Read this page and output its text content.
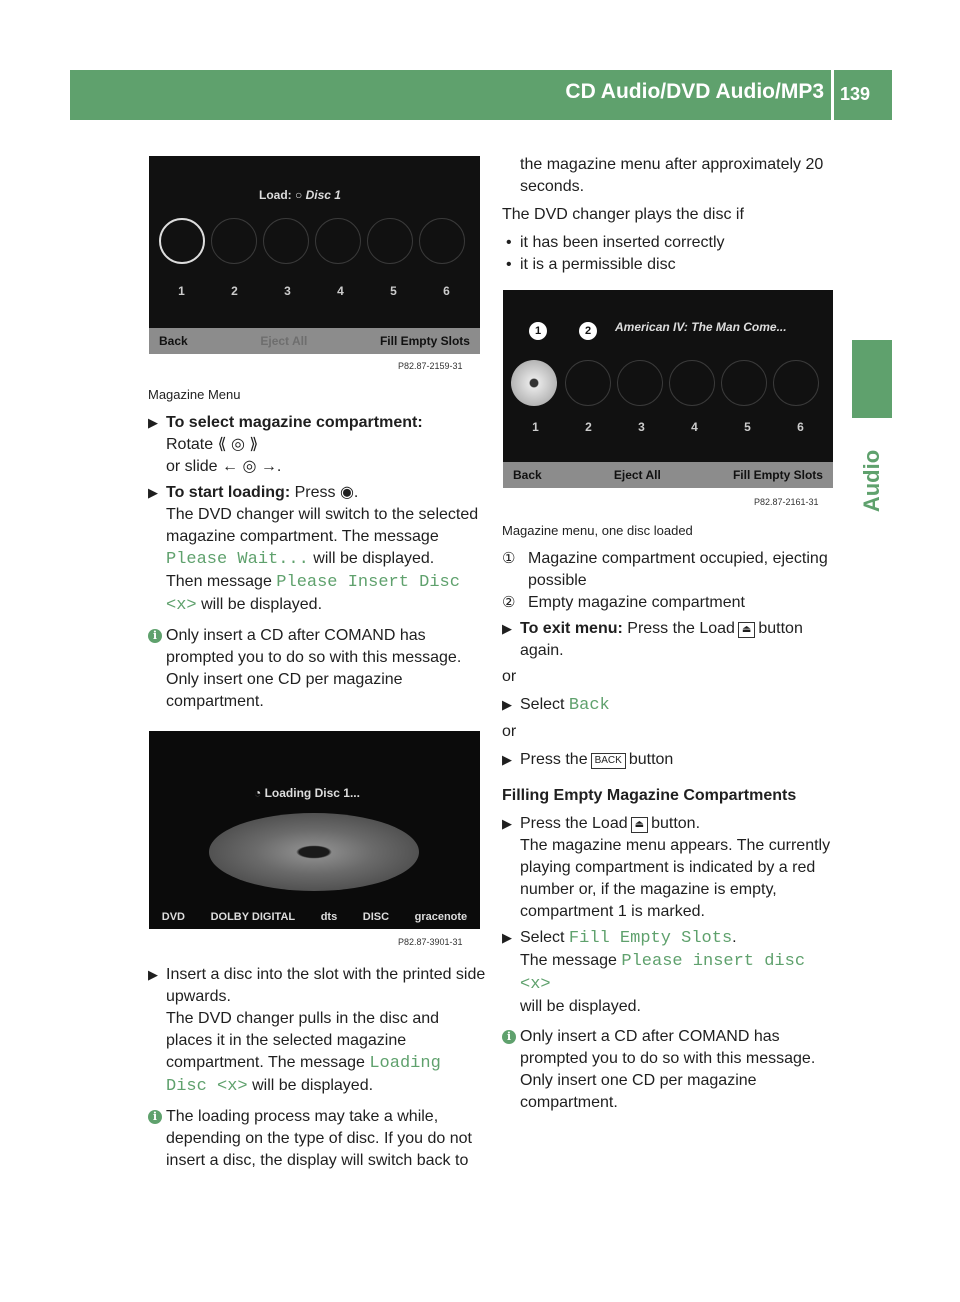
CD Audio/DVD Audio/MP3 139
Audio
Load: ○ Disc 1
1	2	3	4	5	6
Back	Eject All	Fill Empty Slots
P82.87-2159-31
Magazine Menu
▶ To select magazine compartment:
Rotate ⟪ ◎ ⟫
or slide ← ◎ →.
▶ To start loading: Press ◉.
The DVD changer will switch to the selected magazine compartment. The message
Please Wait... will be displayed.
Then message Please Insert Disc
<x> will be displayed.
i Only insert a CD after COMAND has prompted you to do so with this message. Only insert one CD per magazine compartment.
◔ Loading Disc 1...
DVD DOLBY DIGITAL dts DISC gracenote
P82.87-3901-31
▶ Insert a disc into the slot with the printed side upwards.
The DVD changer pulls in the disc and places it in the selected magazine compartment. The message Loading Disc <x> will be displayed.
i The loading process may take a while, depending on the type of disc. If you do not insert a disc, the display will switch back to
the magazine menu after approximately 20 seconds.
The DVD changer plays the disc if
• it has been inserted correctly
• it is a permissible disc
American IV: The Man Come...
1	2
1	2	3	4	5	6
Back	Eject All	Fill Empty Slots
P82.87-2161-31
Magazine menu, one disc loaded
① Magazine compartment occupied, ejecting possible
② Empty magazine compartment
▶ To exit menu: Press the Load ⏏ button again.
or
▶ Select Back
or
▶ Press the BACK button
Filling Empty Magazine Compartments
▶ Press the Load ⏏ button.
The magazine menu appears. The currently playing compartment is indicated by a red number or, if the magazine is empty, compartment 1 is marked.
▶ Select Fill Empty Slots.
The message Please insert disc <x>
will be displayed.
i Only insert a CD after COMAND has prompted you to do so with this message. Only insert one CD per magazine compartment.
